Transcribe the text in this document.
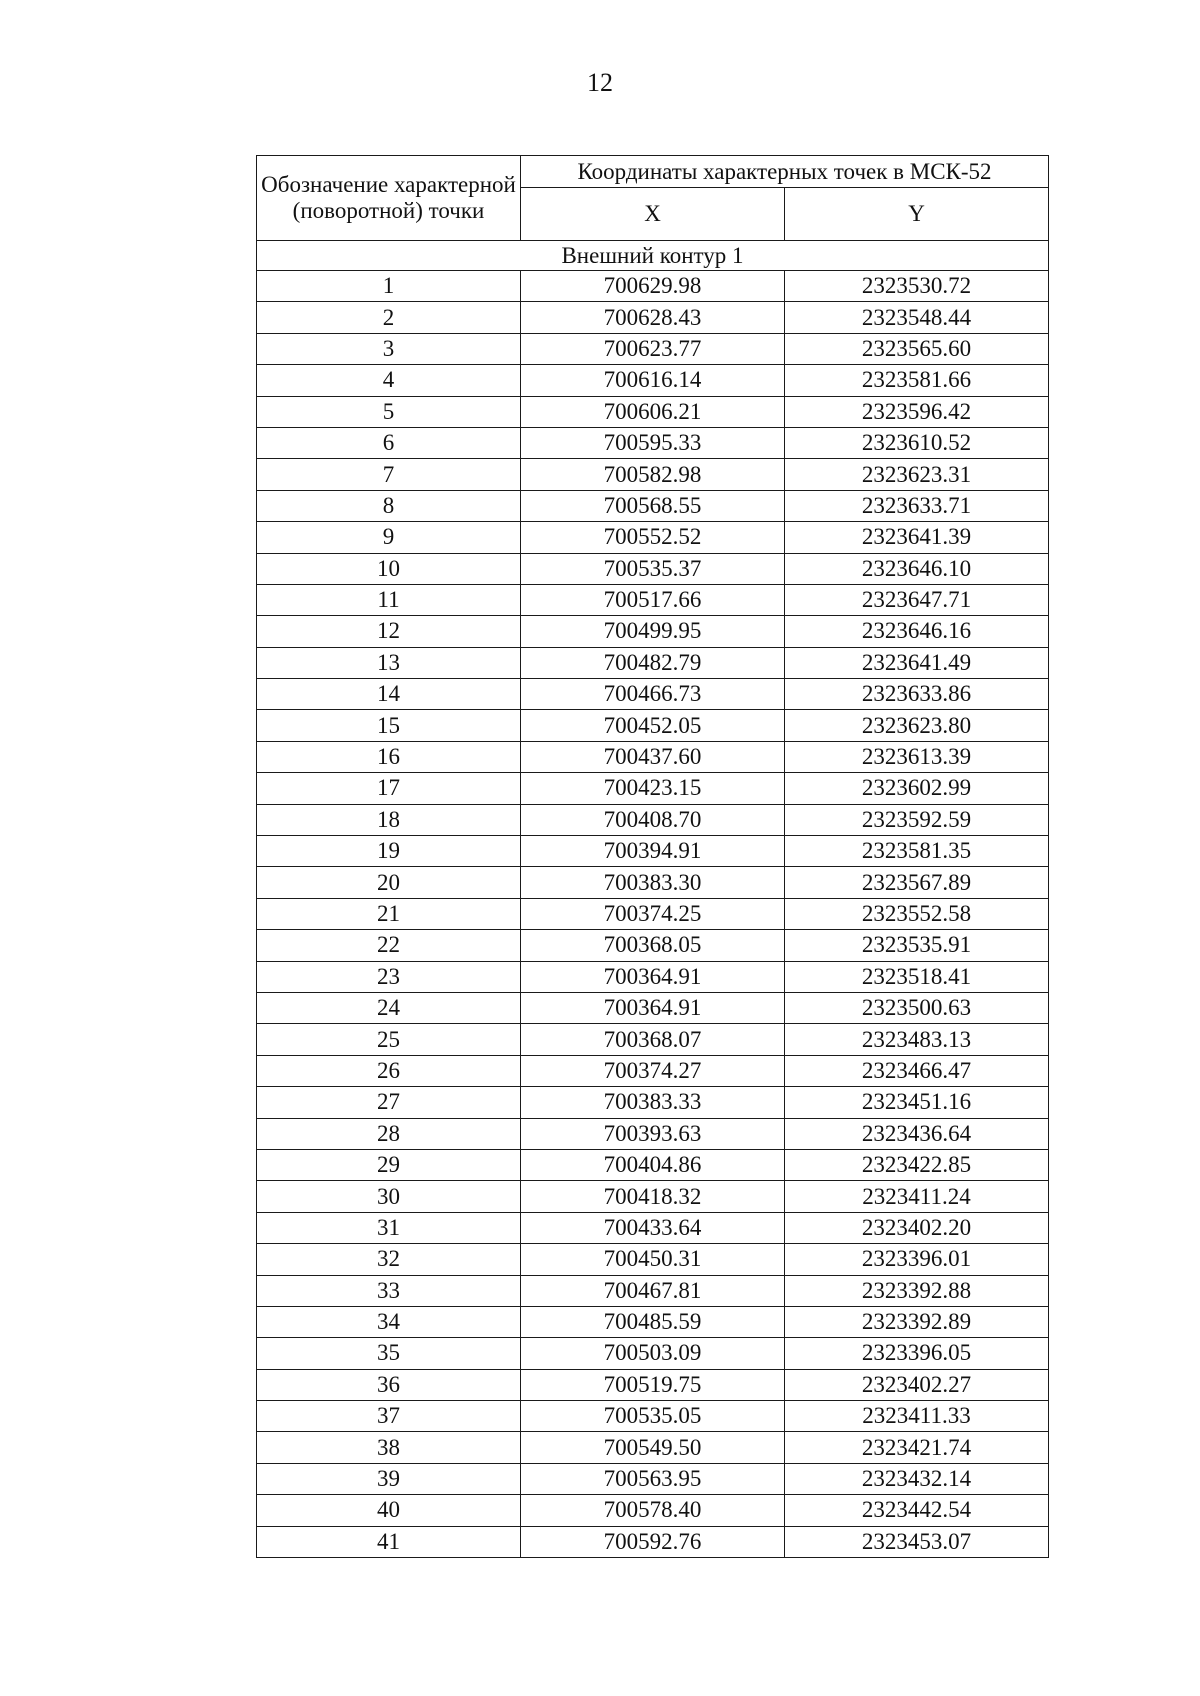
12
Обозначение характерной (поворотной) точки	Координаты характерных точек в МСК-52	
	X	Y
Внешний контур 1		
1	700629.98	2323530.72
2	700628.43	2323548.44
3	700623.77	2323565.60
4	700616.14	2323581.66
5	700606.21	2323596.42
6	700595.33	2323610.52
7	700582.98	2323623.31
8	700568.55	2323633.71
9	700552.52	2323641.39
10	700535.37	2323646.10
11	700517.66	2323647.71
12	700499.95	2323646.16
13	700482.79	2323641.49
14	700466.73	2323633.86
15	700452.05	2323623.80
16	700437.60	2323613.39
17	700423.15	2323602.99
18	700408.70	2323592.59
19	700394.91	2323581.35
20	700383.30	2323567.89
21	700374.25	2323552.58
22	700368.05	2323535.91
23	700364.91	2323518.41
24	700364.91	2323500.63
25	700368.07	2323483.13
26	700374.27	2323466.47
27	700383.33	2323451.16
28	700393.63	2323436.64
29	700404.86	2323422.85
30	700418.32	2323411.24
31	700433.64	2323402.20
32	700450.31	2323396.01
33	700467.81	2323392.88
34	700485.59	2323392.89
35	700503.09	2323396.05
36	700519.75	2323402.27
37	700535.05	2323411.33
38	700549.50	2323421.74
39	700563.95	2323432.14
40	700578.40	2323442.54
41	700592.76	2323453.07
